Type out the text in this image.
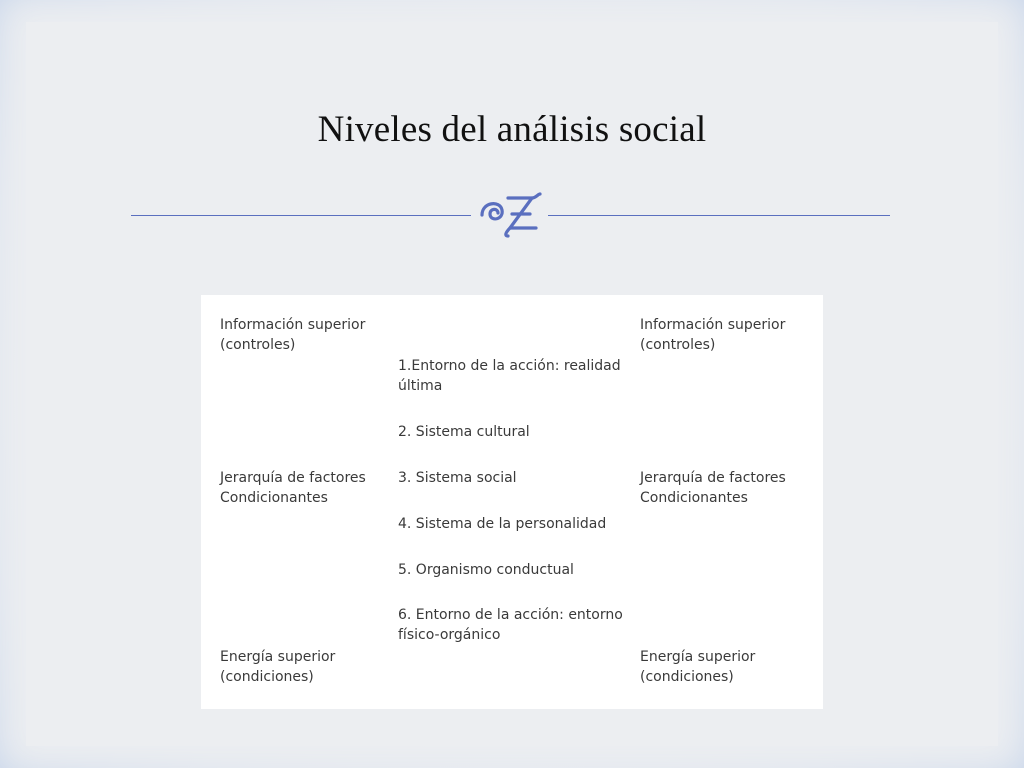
Niveles del análisis social
Información superior
(controles)
Jerarquía de factores
Condicionantes
Energía superior
(condiciones)
1.Entorno de la acción: realidad
última
2. Sistema cultural
3. Sistema social
4. Sistema de la personalidad
5. Organismo conductual
6. Entorno de la acción: entorno
físico-orgánico
Información superior
(controles)
Jerarquía de factores
Condicionantes
Energía superior
(condiciones)
